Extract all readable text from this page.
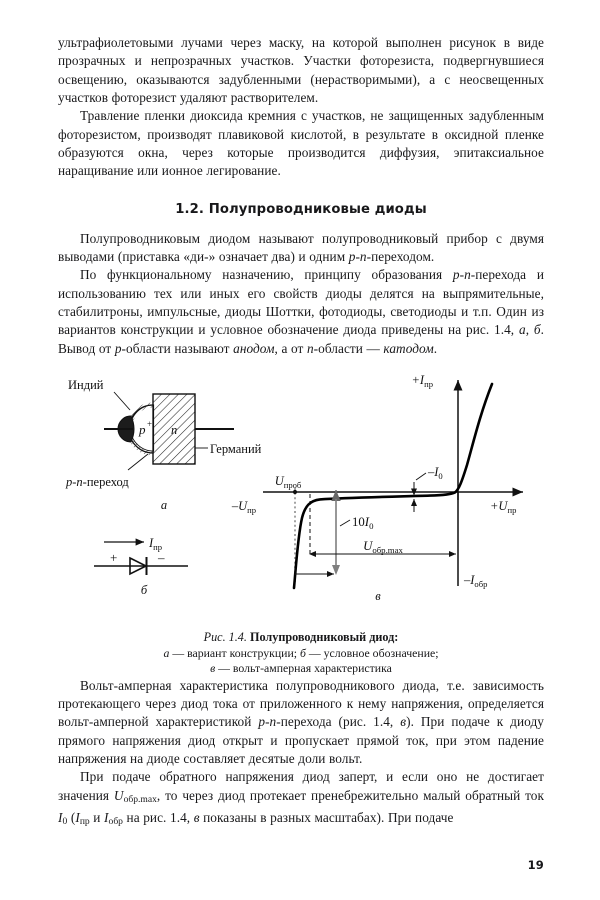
ультрафиолетовыми лучами через маску, на которой выполнен рисунок в виде прозрачных и непрозрачных участков. Участки фоторезиста, подвергнувшиеся освещению, оказываются задубленными (нерастворимыми), а с неосвещенных участков фоторезист удаляют растворителем.

Травление пленки диоксида кремния с участков, не защищенных задубленным фоторезистом, производят плавиковой кислотой, в результате в оксидной пленке образуются окна, через которые производится диффузия, эпитаксиальное наращивание или ионное легирование.

1.2. Полупроводниковые диоды

Полупроводниковым диодом называют полупроводниковый прибор с двумя выводами (приставка «ди-» означает два) и одним p-n-переходом.

По функциональному назначению, принципу образования p-n-перехода и использованию тех или иных его свойств диоды делятся на выпрямительные, стабилитроны, импульсные, диоды Шоттки, фотодиоды, светодиоды и т.п. Один из вариантов конструкции и условное обозначение диода приведены на рис. 1.4, а, б. Вывод от p-области называют анодом, а от n-области — катодом.

p + n
Индий
Германий
p-n-переход
а
$I_{пр}$
+	–
б
$+I_{пр}$
$+U_{пр}$
$-U_{пр}$
$-I_{обр}$
$U_{проб}$
$-I_0$
$10I_0$
$U_{обр.max}$
в
Рис. 1.4. Полупроводниковый диод:
а — вариант конструкции; б — условное обозначение;
в — вольт-амперная характеристика

Вольт-амперная характеристика полупроводникового диода, т.е. зависимость протекающего через диод тока от приложенного к нему напряжения, определяется вольт-амперной характеристикой p-n-перехода (рис. 1.4, в). При подаче к диоду прямого напряжения диод открыт и пропускает прямой ток, при этом падение напряжения на диоде составляет десятые доли вольт.

При подаче обратного напряжения диод заперт, и если оно не достигает значения $U_{обр.max}$, то через диод протекает пренебрежительно малый обратный ток $I_0$ ($I_{пр}$ и $I_{обр}$ на рис. 1.4, в показаны в разных масштабах). При подаче

19
